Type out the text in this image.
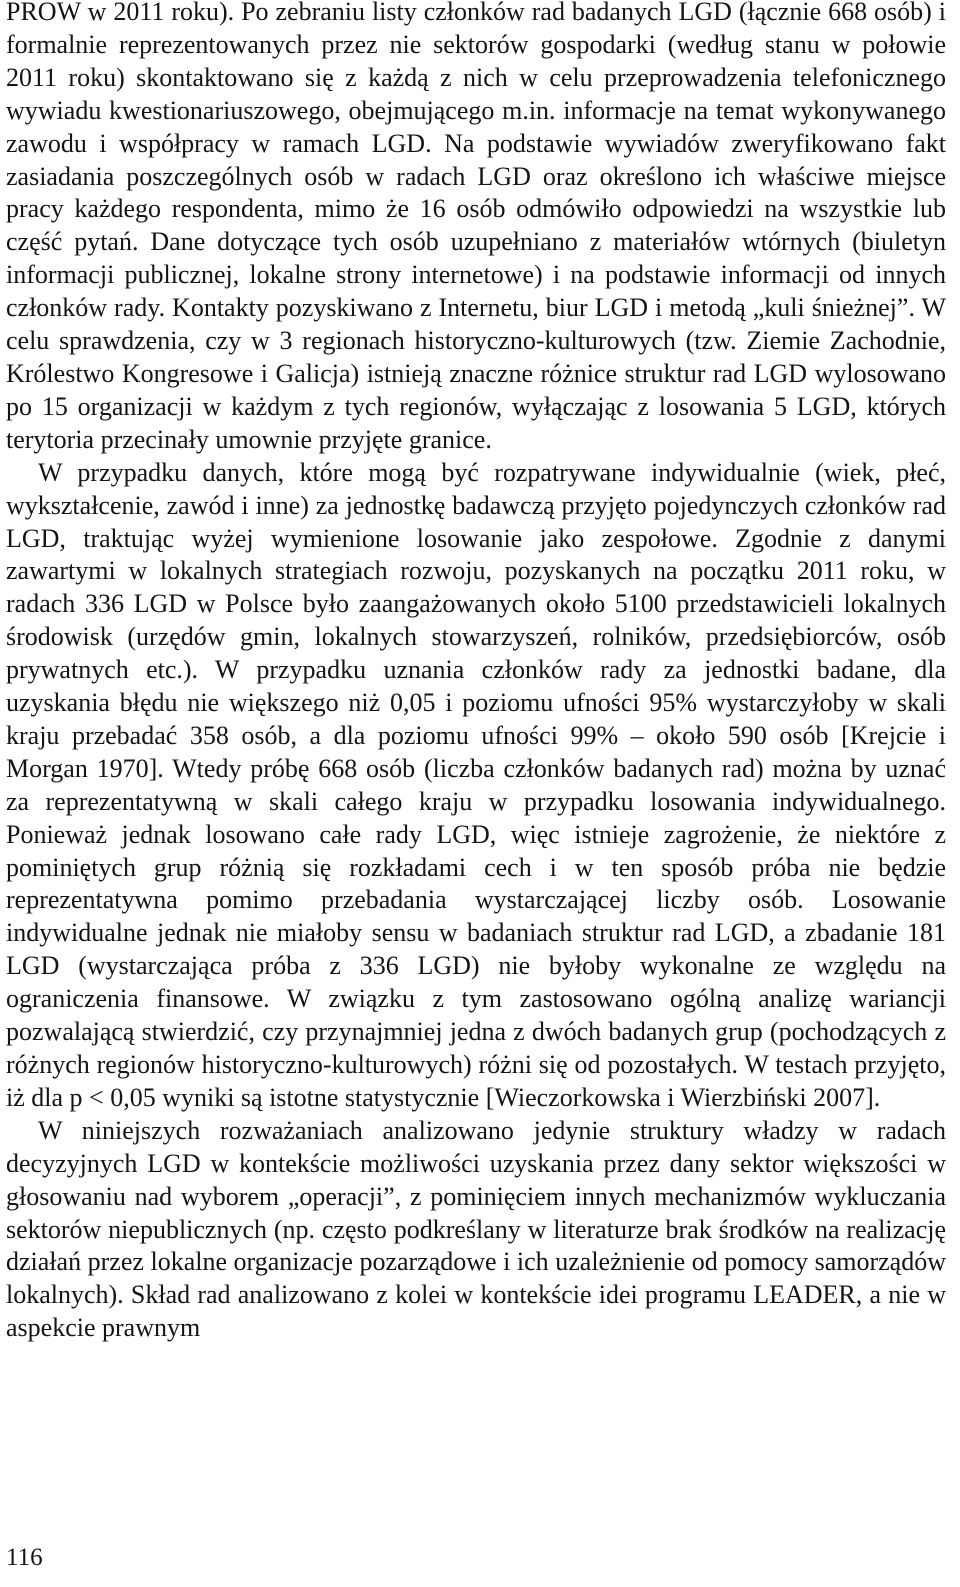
PROW w 2011 roku). Po zebraniu listy członków rad badanych LGD (łącznie 668 osób) i formalnie reprezentowanych przez nie sektorów gospodarki (według stanu w połowie 2011 roku) skontaktowano się z każdą z nich w celu przeprowadzenia telefonicznego wywiadu kwestionariuszowego, obejmującego m.in. informacje na temat wykonywanego zawodu i współpracy w ramach LGD. Na podstawie wywiadów zweryfikowano fakt zasiadania poszczególnych osób w radach LGD oraz określono ich właściwe miejsce pracy każdego respondenta, mimo że 16 osób odmówiło odpowiedzi na wszystkie lub część pytań. Dane dotyczące tych osób uzupełniano z materiałów wtórnych (biuletyn informacji publicznej, lokalne strony internetowe) i na podstawie informacji od innych członków rady. Kontakty pozyskiwano z Internetu, biur LGD i metodą „kuli śnieżnej”. W celu sprawdzenia, czy w 3 regionach historyczno-kulturowych (tzw. Ziemie Zachodnie, Królestwo Kongresowe i Galicja) istnieją znaczne różnice struktur rad LGD wylosowano po 15 organizacji w każdym z tych regionów, wyłączając z losowania 5 LGD, których terytoria przecinały umownie przyjęte granice.

W przypadku danych, które mogą być rozpatrywane indywidualnie (wiek, płeć, wykształcenie, zawód i inne) za jednostkę badawczą przyjęto pojedynczych członków rad LGD, traktując wyżej wymienione losowanie jako zespołowe. Zgodnie z danymi zawartymi w lokalnych strategiach rozwoju, pozyskanych na początku 2011 roku, w radach 336 LGD w Polsce było zaangażowanych około 5100 przedstawicieli lokalnych środowisk (urzędów gmin, lokalnych stowarzyszeń, rolników, przedsiębiorców, osób prywatnych etc.). W przypadku uznania członków rady za jednostki badane, dla uzyskania błędu nie większego niż 0,05 i poziomu ufności 95% wystarczyłoby w skali kraju przebadać 358 osób, a dla poziomu ufności 99% – około 590 osób [Krejcie i Morgan 1970]. Wtedy próbę 668 osób (liczba członków badanych rad) można by uznać za reprezentatywną w skali całego kraju w przypadku losowania indywidualnego. Ponieważ jednak losowano całe rady LGD, więc istnieje zagrożenie, że niektóre z pominiętych grup różnią się rozkładami cech i w ten sposób próba nie będzie reprezentatywna pomimo przebadania wystarczającej liczby osób. Losowanie indywidualne jednak nie miałoby sensu w badaniach struktur rad LGD, a zbadanie 181 LGD (wystarczająca próba z 336 LGD) nie byłoby wykonalne ze względu na ograniczenia finansowe. W związku z tym zastosowano ogólną analizę wariancji pozwalającą stwierdzić, czy przynajmniej jedna z dwóch badanych grup (pochodzących z różnych regionów historyczno-kulturowych) różni się od pozostałych. W testach przyjęto, iż dla p < 0,05 wyniki są istotne statystycznie [Wieczorkowska i Wierzbiński 2007].

W niniejszych rozważaniach analizowano jedynie struktury władzy w radach decyzyjnych LGD w kontekście możliwości uzyskania przez dany sektor większości w głosowaniu nad wyborem „operacji”, z pominięciem innych mechanizmów wykluczania sektorów niepublicznych (np. często podkreślany w literaturze brak środków na realizację działań przez lokalne organizacje pozarządowe i ich uzależnienie od pomocy samorządów lokalnych). Skład rad analizowano z kolei w kontekście idei programu LEADER, a nie w aspekcie prawnym

116
